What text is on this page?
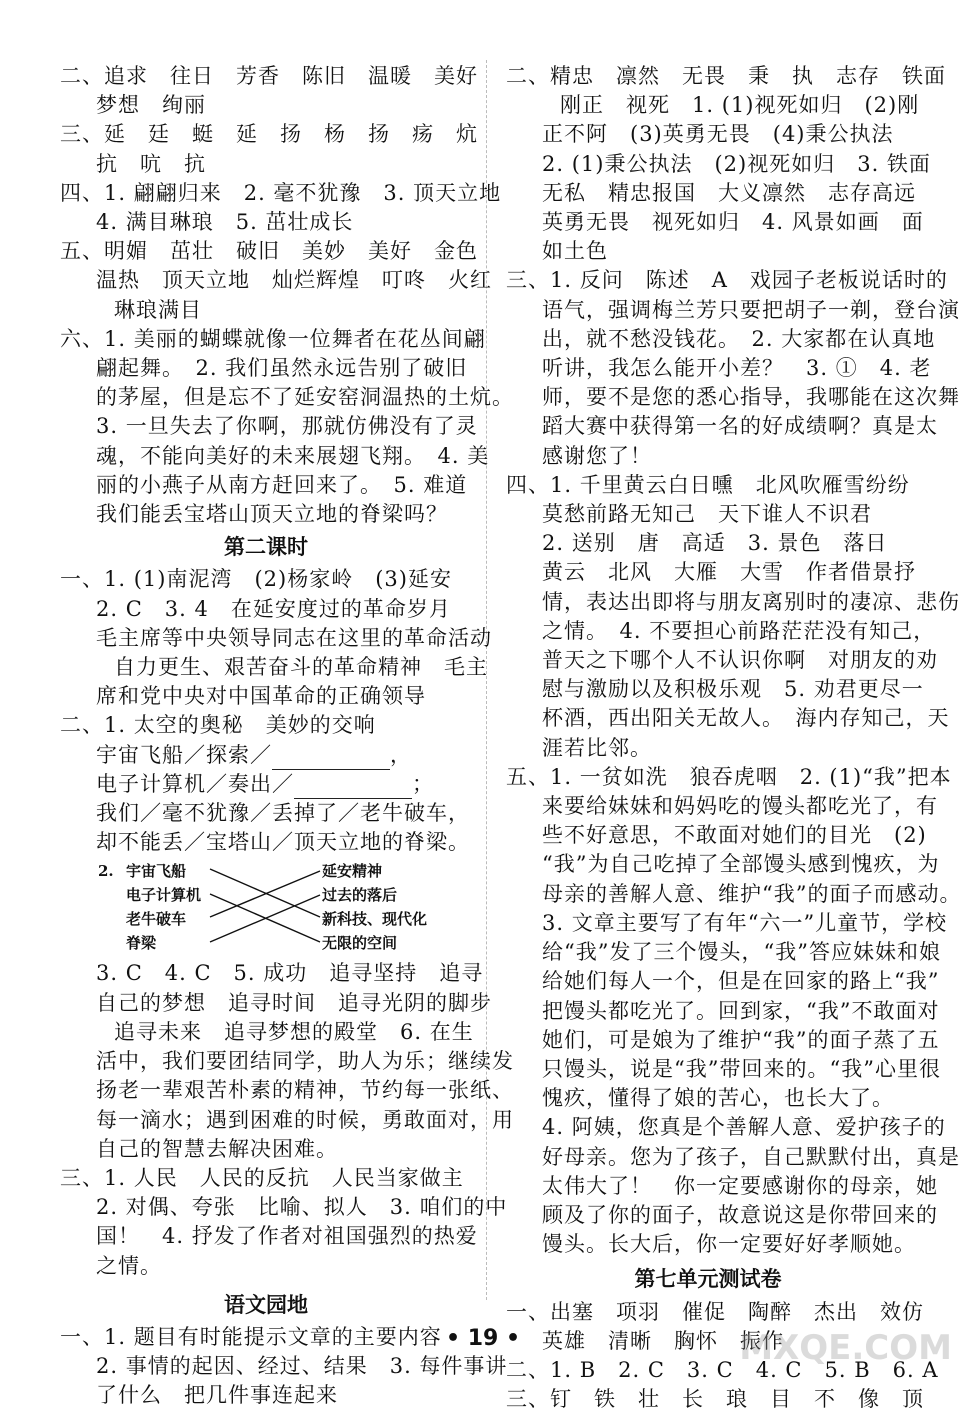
二、追求　往日　芳香　陈旧　温暖　美好
梦想　绚丽
三、延　廷　蜓　延　扬　杨　扬　疡　炕
抗　吭　抗
四、1. 翩翩归来　2. 毫不犹豫　3. 顶天立地
4. 满目琳琅　5. 茁壮成长
五、明媚　茁壮　破旧　美妙　美好　金色
温热　顶天立地　灿烂辉煌　叮咚　火红
琳琅满目
六、1. 美丽的蝴蝶就像一位舞者在花丛间翩
翩起舞。　2. 我们虽然永远告别了破旧
的茅屋，但是忘不了延安窑洞温热的土炕。
3. 一旦失去了你啊，那就仿佛没有了灵
魂，不能向美好的未来展翅飞翔。　4. 美
丽的小燕子从南方赶回来了。　5. 难道
我们能丢宝塔山顶天立地的脊梁吗？
第二课时
一、1. (1)南泥湾　(2)杨家岭　(3)延安
2. C　3. 4　在延安度过的革命岁月
毛主席等中央领导同志在这里的革命活动
自力更生、艰苦奋斗的革命精神　毛主
席和党中央对中国革命的正确领导
二、1. 太空的奥秘　美妙的交响
宇宙飞船／探索／	，
电子计算机／奏出／	；
我们／毫不犹豫／丢掉了／老牛破车，
却不能丢／宝塔山／顶天立地的脊梁。
2. 宇宙飞船
电子计算机
老牛破车
脊梁
延安精神
过去的落后
新科技、现代化
无限的空间
3. C　4. C　5. 成功　追寻坚持　追寻
自己的梦想　追寻时间　追寻光阴的脚步
追寻未来　追寻梦想的殿堂　6. 在生
活中，我们要团结同学，助人为乐；继续发
扬老一辈艰苦朴素的精神，节约每一张纸、
每一滴水；遇到困难的时候，勇敢面对，用
自己的智慧去解决困难。
三、1. 人民　人民的反抗　人民当家做主
2. 对偶、夸张　比喻、拟人　3. 咱们的中
国！　4. 抒发了作者对祖国强烈的热爱
之情。
语文园地
一、1. 题目有时能提示文章的主要内容
2. 事情的起因、经过、结果　3. 每件事讲
了什么　把几件事连起来
二、精忠　凛然　无畏　秉　执　志存　铁面
刚正　视死　1. (1)视死如归　(2)刚
正不阿　(3)英勇无畏　(4)秉公执法
2. (1)秉公执法　(2)视死如归　3. 铁面
无私　精忠报国　大义凛然　志存高远
英勇无畏　视死如归　4. 风景如画　面
如土色
三、1. 反问　陈述　A　戏园子老板说话时的
语气，强调梅兰芳只要把胡子一剃，登台演
出，就不愁没钱花。　2. 大家都在认真地
听讲，我怎么能开小差？　3. ①　4. 老
师，要不是您的悉心指导，我哪能在这次舞
蹈大赛中获得第一名的好成绩啊？真是太
感谢您了！
四、1. 千里黄云白日曛　北风吹雁雪纷纷
莫愁前路无知己　天下谁人不识君
2. 送别　唐　高适　3. 景色　落日
黄云　北风　大雁　大雪　作者借景抒
情，表达出即将与朋友离别时的凄凉、悲伤
之情。　4. 不要担心前路茫茫没有知己，
普天之下哪个人不认识你啊　对朋友的劝
慰与激励以及积极乐观　5. 劝君更尽一
杯酒，西出阳关无故人。　海内存知己，天
涯若比邻。
五、1. 一贫如洗　狼吞虎咽　2. (1)“我”把本
来要给妹妹和妈妈吃的馒头都吃光了，有
些不好意思，不敢面对她们的目光　(2)
“我”为自己吃掉了全部馒头感到愧疚，为
母亲的善解人意、维护“我”的面子而感动。
3. 文章主要写了有年“六一”儿童节，学校
给“我”发了三个馒头，“我”答应妹妹和娘
给她们每人一个，但是在回家的路上“我”
把馒头都吃光了。回到家，“我”不敢面对
她们，可是娘为了维护“我”的面子蒸了五
只馒头，说是“我”带回来的。“我”心里很
愧疚，懂得了娘的苦心，也长大了。
4. 阿姨，您真是个善解人意、爱护孩子的
好母亲。您为了孩子，自己默默付出，真是
太伟大了！　你一定要感谢你的母亲，她
顾及了你的面子，故意说这是你带回来的
馒头。长大后，你一定要好好孝顺她。
第七单元测试卷
一、出塞　项羽　催促　陶醉　杰出　效仿
英雄　清晰　胸怀　振作
二、1. B　2. C　3. C　4. C　5. B　6. A
三、钉　铁　壮　长　琅　目　不　像　顶
• 19 •	MXQE.COM
